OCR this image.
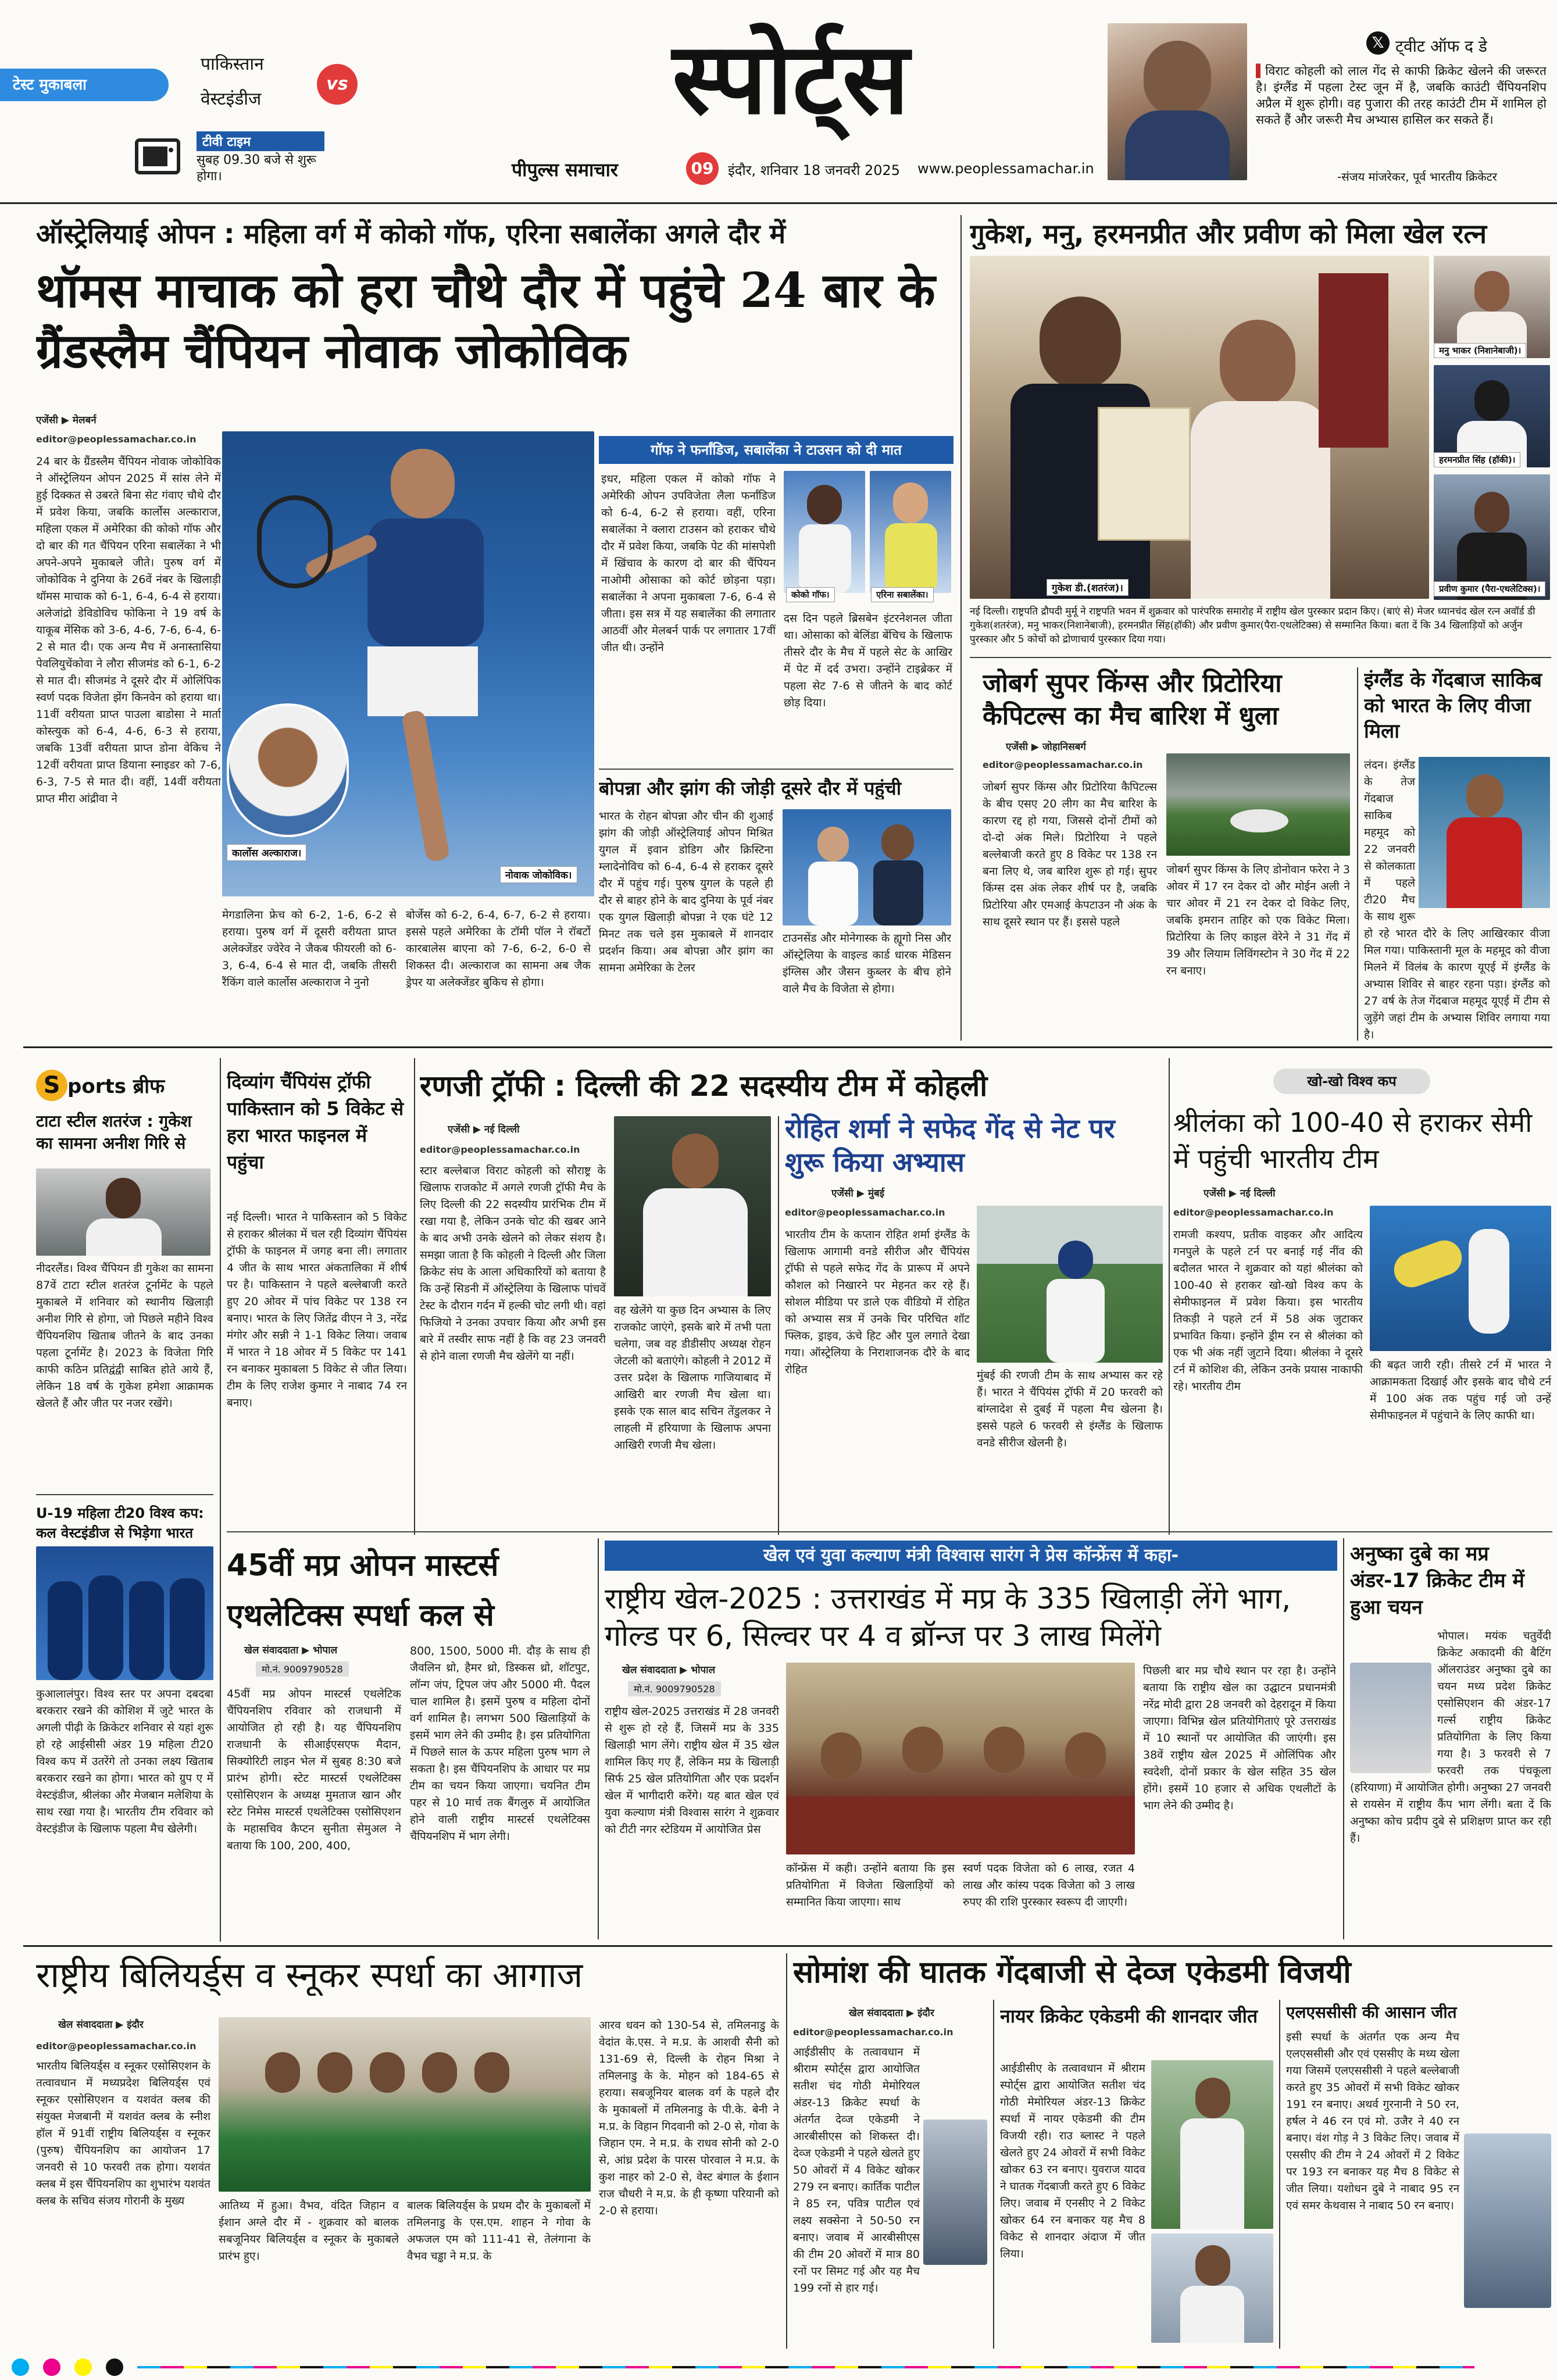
टेस्ट मुकाबला
पाकिस्तान
vs
वेस्टइंडीज
टीवी टाइम
सुबह 09.30 बजे से शुरू होगा।
स्पोर्ट्स
पीपुल्स समाचार	09	इंदौर, शनिवार 18 जनवरी 2025 www.peoplessamachar.in
𝕏 ट्वीट ऑफ द डे
▌विराट कोहली को लाल गेंद से काफी क्रिकेट खेलने की जरूरत है। इंग्लैंड में पहला टेस्ट जून में है, जबकि काउंटी चैंपियनशिप अप्रैल में शुरू होगी। वह पुजारा की तरह काउंटी टीम में शामिल हो सकते हैं और जरूरी मैच अभ्यास हासिल कर सकते हैं।
-संजय मांजरेकर, पूर्व भारतीय क्रिकेटर
ऑस्ट्रेलियाई ओपन : महिला वर्ग में कोको गॉफ, एरिना सबालेंका अगले दौर में
थॉमस माचाक को हरा चौथे दौर में पहुंचे 24 बार के ग्रैंडस्लैम चैंपियन नोवाक जोकोविक
एजेंसी ▶ मेलबर्न
editor@peoplessamachar.co.in
24 बार के ग्रैंडस्लैम चैंपियन नोवाक जोकोविक ने ऑस्ट्रेलियन ओपन 2025 में सांस लेने में हुई दिक्कत से उबरते बिना सेट गंवाए चौथे दौर में प्रवेश किया, जबकि कार्लोस अल्काराज, महिला एकल में अमेरिका की कोको गॉफ और दो बार की गत चैंपियन एरिना सबालेंका ने भी अपने-अपने मुकाबले जीते। पुरुष वर्ग में जोकोविक ने दुनिया के 26वें नंबर के खिलाड़ी थॉमस माचाक को 6-1, 6-4, 6-4 से हराया। अलेजांद्रो डेविडोविच फोकिना ने 19 वर्ष के याकूब मेंसिक को 3-6, 4-6, 7-6, 6-4, 6-2 से मात दी। एक अन्य मैच में अनास्तासिया पेवलियुचेंकोवा ने लौरा सीजमंड को 6-1, 6-2 से मात दी। सीजमंड ने दूसरे दौर में ओलिंपिक स्वर्ण पदक विजेता झेंग किनवेन को हराया था। 11वीं वरीयता प्राप्त पाउला बाडोसा ने मार्ता कोस्त्युक को 6-4, 4-6, 6-3 से हराया, जबकि 13वीं वरीयता प्राप्त डोना वेकिच ने 12वीं वरीयता प्राप्त डियाना स्नाइडर को 7-6, 6-3, 7-5 से मात दी। वहीं, 14वीं वरीयता प्राप्त मीरा आंद्रीवा ने
कार्लोस अल्काराज।
नोवाक जोकोविक।
मेगडालिना फ्रेच को 6-2, 1-6, 6-2 से हराया। पुरुष वर्ग में दूसरी वरीयता प्राप्त अलेक्जेंडर ज्वेरेव ने जैकब फीयरली को 6-3, 6-4, 6-4 से मात दी, जबकि तीसरी रैंकिंग वाले कार्लोस अल्काराज ने नुनो
बोर्जेस को 6-2, 6-4, 6-7, 6-2 से हराया। इससे पहले अमेरिका के टॉमी पॉल ने रॉबर्टो कारबालेस बाएना को 7-6, 6-2, 6-0 से शिकस्त दी। अल्काराज का सामना अब जैक ड्रेपर या अलेक्जेंडर बुकिच से होगा।
गॉफ ने फर्नांडिज, सबालेंका ने टाउसन को दी मात
इधर, महिला एकल में कोको गॉफ ने अमेरिकी ओपन उपविजेता लैला फर्नांडिज को 6-4, 6-2 से हराया। वहीं, एरिना सबालेंका ने क्लारा टाउसन को हराकर चौथे दौर में प्रवेश किया, जबकि पेट की मांसपेशी में खिंचाव के कारण दो बार की चैंपियन नाओमी ओसाका को कोर्ट छोड़ना पड़ा। सबालेंका ने अपना मुकाबला 7-6, 6-4 से जीता। इस सत्र में यह सबालेंका की लगातार आठवीं और मेलबर्न पार्क पर लगातार 17वीं जीत थी। उन्होंने
कोको गॉफ।	एरिना सबालेंका।
दस दिन पहले ब्रिसबेन इंटरनेशनल जीता था। ओसाका को बेलिंडा बेंचिच के खिलाफ तीसरे दौर के मैच में पहले सेट के आखिर में पेट में दर्द उभरा। उन्होंने टाइब्रेकर में पहला सेट 7-6 से जीतने के बाद कोर्ट छोड़ दिया।
बोपन्ना और झांग की जोड़ी दूसरे दौर में पहुंची
भारत के रोहन बोपन्ना और चीन की शुआई झांग की जोड़ी ऑस्ट्रेलियाई ओपन मिश्रित युगल में इवान डोडिग और क्रिस्टिना म्लादेनोविच को 6-4, 6-4 से हराकर दूसरे दौर में पहुंच गई। पुरुष युगल के पहले ही दौर से बाहर होने के बाद दुनिया के पूर्व नंबर एक युगल खिलाड़ी बोपन्ना ने एक घंटे 12 मिनट तक चले इस मुकाबले में शानदार प्रदर्शन किया। अब बोपन्ना और झांग का सामना अमेरिका के टेलर
टाउनसेंड और मोनेगास्क के ह्यूगो निस और ऑस्ट्रेलिया के वाइल्ड कार्ड धारक मेडिसन इंग्लिस और जैसन कुब्लर के बीच होने वाले मैच के विजेता से होगा।
गुकेश, मनु, हरमनप्रीत और प्रवीण को मिला खेल रत्न
मनु भाकर (निशानेबाजी)।
हरमनप्रीत सिंह (हॉकी)।
प्रवीण कुमार (पैरा-एथलेटिक्स)।
गुकेश डी.(शतरंज)।
नई दिल्ली। राष्ट्रपति द्रौपदी मुर्मू ने राष्ट्रपति भवन में शुक्रवार को पारंपरिक समारोह में राष्ट्रीय खेल पुरस्कार प्रदान किए। (बाएं से) मेजर ध्यानचंद खेल रत्न अवॉर्ड डी गुकेश(शतरंज), मनु भाकर(निशानेबाजी), हरमनप्रीत सिंह(हॉकी) और प्रवीण कुमार(पैरा-एथलेटिक्स) से सम्मानित किया। बता दें कि 34 खिलाड़ियों को अर्जुन पुरस्कार और 5 कोचों को द्रोणाचार्य पुरस्कार दिया गया।
जोबर्ग सुपर किंग्स और प्रिटोरिया कैपिटल्स का मैच बारिश में धुला
एजेंसी ▶ जोहानिसबर्ग
editor@peoplessamachar.co.in
जोबर्ग सुपर किंग्स और प्रिटोरिया कैपिटल्स के बीच एसए 20 लीग का मैच बारिश के कारण रद्द हो गया, जिससे दोनों टीमों को दो-दो अंक मिले। प्रिटोरिया ने पहले बल्लेबाजी करते हुए 8 विकेट पर 138 रन बना लिए थे, जब बारिश शुरू हो गई। सुपर किंग्स दस अंक लेकर शीर्ष पर है, जबकि प्रिटोरिया और एमआई केपटाउन नौ अंक के साथ दूसरे स्थान पर हैं। इससे पहले
जोबर्ग सुपर किंग्स के लिए डोनोवान फरेरा ने 3 ओवर में 17 रन देकर दो और मोईन अली ने चार ओवर में 21 रन देकर दो विकेट लिए, जबकि इमरान ताहिर को एक विकेट मिला। प्रिटोरिया के लिए काइल वेरेने ने 31 गेंद में 39 और लियाम लिविंगस्टोन ने 30 गेंद में 22 रन बनाए।
इंग्लैंड के गेंदबाज साकिब को भारत के लिए वीजा मिला
लंदन। इंग्लैंड के तेज गेंदबाज साकिब महमूद को 22 जनवरी से कोलकाता में पहले टी20 मैच के साथ शुरू हो रहे भारत दौरे के लिए आखिरकार वीजा मिल गया। पाकिस्तानी मूल के महमूद को वीजा मिलने में विलंब के कारण यूएई में इंग्लैंड के अभ्यास शिविर से बाहर रहना पड़ा। इंग्लैंड को 27 वर्ष के तेज गेंदबाज महमूद यूएई में टीम से जुड़ेंगे जहां टीम के अभ्यास शिविर लगाया गया है।
S ports ब्रीफ
टाटा स्टील शतरंज : गुकेश का सामना अनीश गिरि से
नीदरलैंड। विश्व चैंपियन डी गुकेश का सामना 87वें टाटा स्टील शतरंज टूर्नामेंट के पहले मुकाबले में शनिवार को स्थानीय खिलाड़ी अनीश गिरि से होगा, जो पिछले महीने विश्व चैंपियनशिप खिताब जीतने के बाद उनका पहला टूर्नामेंट है। 2023 के विजेता गिरि काफी कठिन प्रतिद्वंद्वी साबित होते आये हैं, लेकिन 18 वर्ष के गुकेश हमेशा आक्रामक खेलते हैं और जीत पर नजर रखेंगे।
U-19 महिला टी20 विश्व कप: कल वेस्टइंडीज से भिड़ेगा भारत
कुआलालंपुर। विश्व स्तर पर अपना दबदबा बरकरार रखने की कोशिश में जुटे भारत के अगली पीढ़ी के क्रिकेटर शनिवार से यहां शुरू हो रहे आईसीसी अंडर 19 महिला टी20 विश्व कप में उतरेंगे तो उनका लक्ष्य खिताब बरकरार रखने का होगा। भारत को ग्रुप ए में वेस्टइंडीज, श्रीलंका और मेजबान मलेशिया के साथ रखा गया है। भारतीय टीम रविवार को वेस्टइंडीज के खिलाफ पहला मैच खेलेगी।
दिव्यांग चैंपियंस ट्रॉफी पाकिस्तान को 5 विकेट से हरा भारत फाइनल में पहुंचा
नई दिल्ली। भारत ने पाकिस्तान को 5 विकेट से हराकर श्रीलंका में चल रही दिव्यांग चैंपियंस ट्रॉफी के फाइनल में जगह बना ली। लगातार 4 जीत के साथ भारत अंकतालिका में शीर्ष पर है। पाकिस्तान ने पहले बल्लेबाजी करते हुए 20 ओवर में पांच विकेट पर 138 रन बनाए। भारत के लिए जितेंद्र वीएन ने 3, नरेंद्र मंगोर और सन्नी ने 1-1 विकेट लिया। जवाब में भारत ने 18 ओवर में 5 विकेट पर 141 रन बनाकर मुकाबला 5 विकेट से जीत लिया। टीम के लिए राजेश कुमार ने नाबाद 74 रन बनाए।
रणजी ट्रॉफी : दिल्ली की 22 सदस्यीय टीम में कोहली
एजेंसी ▶ नई दिल्ली
editor@peoplessamachar.co.in
स्टार बल्लेबाज विराट कोहली को सौराष्ट्र के खिलाफ राजकोट में अगले रणजी ट्रॉफी मैच के लिए दिल्ली की 22 सदस्यीय प्रारंभिक टीम में रखा गया है, लेकिन उनके चोट की खबर आने के बाद अभी उनके खेलने को लेकर संशय है। समझा जाता है कि कोहली ने दिल्ली और जिला क्रिकेट संघ के आला अधिकारियों को बताया है कि उन्हें सिडनी में ऑस्ट्रेलिया के खिलाफ पांचवें टेस्ट के दौरान गर्दन में हल्की चोट लगी थी। वहां फिजियो ने उनका उपचार किया और अभी इस बारे में तस्वीर साफ नहीं है कि वह 23 जनवरी से होने वाला रणजी मैच खेलेंगे या नहीं।
वह खेलेंगे या कुछ दिन अभ्यास के लिए राजकोट जाएंगे, इसके बारे में तभी पता चलेगा, जब वह डीडीसीए अध्यक्ष रोहन जेटली को बताएंगे। कोहली ने 2012 में उत्तर प्रदेश के खिलाफ गाजियाबाद में आखिरी बार रणजी मैच खेला था। इसके एक साल बाद सचिन तेंडुलकर ने लाहली में हरियाणा के खिलाफ अपना आखिरी रणजी मैच खेला।
रोहित शर्मा ने सफेद गेंद से नेट पर शुरू किया अभ्यास
एजेंसी ▶ मुंबई
editor@peoplessamachar.co.in
भारतीय टीम के कप्तान रोहित शर्मा इंग्लैंड के खिलाफ आगामी वनडे सीरीज और चैंपियंस ट्रॉफी से पहले सफेद गेंद के प्रारूप में अपने कौशल को निखारने पर मेहनत कर रहे हैं। सोशल मीडिया पर डाले एक वीडियो में रोहित को अभ्यास सत्र में उनके चिर परिचित शॉट फ्लिक, ड्राइव, ऊंचे हिट और पुल लगाते देखा गया। ऑस्ट्रेलिया के निराशाजनक दौरे के बाद रोहित	मुंबई की रणजी टीम के साथ अभ्यास कर रहे हैं। भारत ने चैंपियंस ट्रॉफी में 20 फरवरी को बांग्लादेश से दुबई में पहला मैच खेलना है। इससे पहले 6 फरवरी से इंग्लैंड के खिलाफ वनडे सीरीज खेलनी है।
खो-खो विश्व कप
श्रीलंका को 100-40 से हराकर सेमी में पहुंची भारतीय टीम
एजेंसी ▶ नई दिल्ली
editor@peoplessamachar.co.in
रामजी कश्यप, प्रतीक वाइकर और आदित्य गनपुले के पहले टर्न पर बनाई गई नींव की बदौलत भारत ने शुक्रवार को यहां श्रीलंका को 100-40 से हराकर खो-खो विश्व कप के सेमीफाइनल में प्रवेश किया। इस भारतीय तिकड़ी ने पहले टर्न में 58 अंक जुटाकर प्रभावित किया। इन्होंने ड्रीम रन से श्रीलंका को एक भी अंक नहीं जुटाने दिया। श्रीलंका ने दूसरे टर्न में कोशिश की, लेकिन उनके प्रयास नाकाफी रहे। भारतीय टीम
की बढ़त जारी रही। तीसरे टर्न में भारत ने आक्रामकता दिखाई और इसके बाद चौथे टर्न में 100 अंक तक पहुंच गई जो उन्हें सेमीफाइनल में पहुंचाने के लिए काफी था।
45वीं मप्र ओपन मास्टर्स एथलेटिक्स स्पर्धा कल से
खेल संवाददाता ▶ भोपाल
मो.नं. 9009790528
45वीं मप्र ओपन मास्टर्स एथलेटिक चैंपियनशिप रविवार को राजधानी में आयोजित हो रही है। यह चैंपियनशिप राजधानी के सीआईएसएफ मैदान, सिक्योरिटी लाइन भेल में सुबह 8:30 बजे प्रारंभ होगी। स्टेट मास्टर्स एथलेटिक्स एसोसिएशन के अध्यक्ष मुमताज खान और स्टेट निमेस मास्टर्स एथलेटिक्स एसोसिएशन के महासचिव कैप्टन सुनीता सेमुअल ने बताया कि 100, 200, 400,
800, 1500, 5000 मी. दौड़ के साथ ही जैवलिन थ्रो, हैमर थ्रो, डिस्कस थ्रो, शॉटपुट, लॉन्ग जंप, ट्रिपल जंप और 5000 मी. पैदल चाल शामिल है। इसमें पुरुष व महिला दोनों वर्ग शामिल है। लगभग 500 खिलाड़ियों के इसमें भाग लेने की उम्मीद है। इस प्रतियोगिता में पिछले साल के ऊपर महिला पुरुष भाग ले सकता है। इस चैंपियनशिप के आधार पर मप्र टीम का चयन किया जाएगा। चयनित टीम पहर से 10 मार्च तक बैंगलुरु में आयोजित होने वाली राष्ट्रीय मास्टर्स एथलेटिक्स चैंपियनशिप में भाग लेगी।
खेल एवं युवा कल्याण मंत्री विश्वास सारंग ने प्रेस कॉन्फ्रेंस में कहा-
राष्ट्रीय खेल-2025 : उत्तराखंड में मप्र के 335 खिलाड़ी लेंगे भाग, गोल्ड पर 6, सिल्वर पर 4 व ब्रॉन्ज पर 3 लाख मिलेंगे
खेल संवाददाता ▶ भोपाल
मो.नं. 9009790528
राष्ट्रीय खेल-2025 उत्तराखंड में 28 जनवरी से शुरू हो रहे हैं, जिसमें मप्र के 335 खिलाड़ी भाग लेंगे। राष्ट्रीय खेल में 35 खेल शामिल किए गए हैं, लेकिन मप्र के खिलाड़ी सिर्फ 25 खेल प्रतियोगिता और एक प्रदर्शन खेल में भागीदारी करेंगे। यह बात खेल एवं युवा कल्याण मंत्री विश्वास सारंग ने शुक्रवार को टीटी नगर स्टेडियम में आयोजित प्रेस
कॉन्फ्रेंस में कही। उन्होंने बताया कि इस प्रतियोगिता में विजेता खिलाड़ियों को सम्मानित किया जाएगा। साथ
स्वर्ण पदक विजेता को 6 लाख, रजत 4 लाख और कांस्य पदक विजेता को 3 लाख रुपए की राशि पुरस्कार स्वरूप दी जाएगी।
पिछली बार मप्र चौथे स्थान पर रहा है। उन्होंने बताया कि राष्ट्रीय खेल का उद्घाटन प्रधानमंत्री नरेंद्र मोदी द्वारा 28 जनवरी को देहरादून में किया जाएगा। विभिन्न खेल प्रतियोगिताएं पूरे उत्तराखंड में 10 स्थानों पर आयोजित की जाएंगी। इस 38वें राष्ट्रीय खेल 2025 में ओलिंपिक और स्वदेशी, दोनों प्रकार के खेल सहित 35 खेल होंगे। इसमें 10 हजार से अधिक एथलीटों के भाग लेने की उम्मीद है।
अनुष्का दुबे का मप्र अंडर-17 क्रिकेट टीम में हुआ चयन
भोपाल। मयंक चतुर्वेदी क्रिकेट अकादमी की बैटिंग ऑलराउंडर अनुष्का दुबे का चयन मध्य प्रदेश क्रिकेट एसोसिएशन की अंडर-17 गर्ल्स राष्ट्रीय क्रिकेट प्रतियोगिता के लिए किया गया है। 3 फरवरी से 7 फरवरी तक पंचकूला (हरियाणा) में आयोजित होगी। अनुष्का 27 जनवरी से रायसेन में राष्ट्रीय कैंप भाग लेंगी। बता दें कि अनुष्का कोच प्रदीप दुबे से प्रशिक्षण प्राप्त कर रही हैं।
राष्ट्रीय बिलियर्ड्स व स्नूकर स्पर्धा का आगाज
खेल संवाददाता ▶ इंदौर
editor@peoplessamachar.co.in
भारतीय बिलियर्ड्स व स्नूकर एसोसिएशन के तत्वावधान में मध्यप्रदेश बिलियर्ड्स एवं स्नूकर एसोसिएशन व यशवंत क्लब की संयुक्त मेजबानी में यशवंत क्लब के स्नीश हॉल में 91वीं राष्ट्रीय बिलियर्ड्स व स्नूकर (पुरुष) चैंपियनशिप का आयोजन 17 जनवरी से 10 फरवरी तक होगा। यशवंत क्लब में इस चैंपियनशिप का शुभारंभ यशवंत क्लब के सचिव संजय गोरानी के मुख्य	आतिथ्य में हुआ। वैभव, वंदित जिहान व ईशान अग्ले दौर में - शुक्रवार को बालक सबजूनियर बिलियर्ड्स व स्नूकर के मुकाबले प्रारंभ हुए।
बालक बिलियर्ड्स के प्रथम दौर के मुकाबलों में तमिलनाडु के एस.एम. शाहन ने गोवा के अफजल एम को 111-41 से, तेलंगाना के वैभव चड्ढा ने म.प्र. के
आरव धवन को 130-54 से, तमिलनाडु के वेदांत के.एस. ने म.प्र. के आशवी सैनी को 131-69 से, दिल्ली के रोहन मिश्रा ने तमिलनाडु के के. मोहन को 184-65 से हराया। सबजूनियर बालक वर्ग के पहले दौर के मुकाबलों में तमिलनाडु के पी.के. बेनी ने म.प्र. के विहान गिदवानी को 2-0 से, गोवा के जिहान एम. ने म.प्र. के राधव सोनी को 2-0 से, आंध्र प्रदेश के पारस पोरवाल ने म.प्र. के कुश नाहर को 2-0 से, वेस्ट बंगाल के ईशान राज चौधरी ने म.प्र. के ही कृष्णा परियानी को 2-0 से हराया।
सोमांश की घातक गेंदबाजी से देव्ज एकेडमी विजयी
खेल संवाददाता ▶ इंदौर
editor@peoplessamachar.co.in
आईडीसीए के तत्वावधान में श्रीराम स्पोर्ट्स द्वारा आयोजित सतीश चंद गोठी मेमोरियल अंडर-13 क्रिकेट स्पर्धा के अंतर्गत देव्ज एकेडमी ने आरबीसीएस को शिकस्त दी। देव्ज एकेडमी ने पहले खेलते हुए 50 ओवरों में 4 विकेट खोकर 279 रन बनाए। कार्तिक पाटील ने 85 रन, पवित्र पाटील एवं लक्ष्य सक्सेना ने 50-50 रन बनाए। जवाब में आरबीसीएस की टीम 20 ओवरों में मात्र 80 रनों पर सिमट गई और यह मैच 199 रनों से हार गई।
नायर क्रिकेट एकेडमी की शानदार जीत
आईडीसीए के तत्वावधान में श्रीराम स्पोर्ट्स द्वारा आयोजित सतीश चंद गोठी मेमोरियल अंडर-13 क्रिकेट स्पर्धा में नायर एकेडमी की टीम विजयी रही। राउ ब्लास्ट ने पहले खेलते हुए 24 ओवरों में सभी विकेट खोकर 63 रन बनाए। युवराज यादव ने घातक गेंदबाजी करते हुए 6 विकेट लिए। जवाब में एनसीए ने 2 विकेट खोकर 64 रन बनाकर यह मैच 8 विकेट से शानदार अंदाज में जीत लिया।
एलएससीसी की आसान जीत
इसी स्पर्धा के अंतर्गत एक अन्य मैच एलएससीसी और एवं एससीए के मध्य खेला गया जिसमें एलएससीसी ने पहले बल्लेबाजी करते हुए 35 ओवरों में सभी विकेट खोकर 191 रन बनाए। अथर्व गुरनानी ने 50 रन, हर्षल ने 46 रन एवं मो. उजैर ने 40 रन बनाए। वंश गोड़ ने 3 विकेट लिए। जवाब में एससीए की टीम ने 24 ओवरों में 2 विकेट पर 193 रन बनाकर यह मैच 8 विकेट से जीत लिया। यशोधन दुबे ने नाबाद 95 रन एवं समर केथवास ने नाबाद 50 रन बनाए।
